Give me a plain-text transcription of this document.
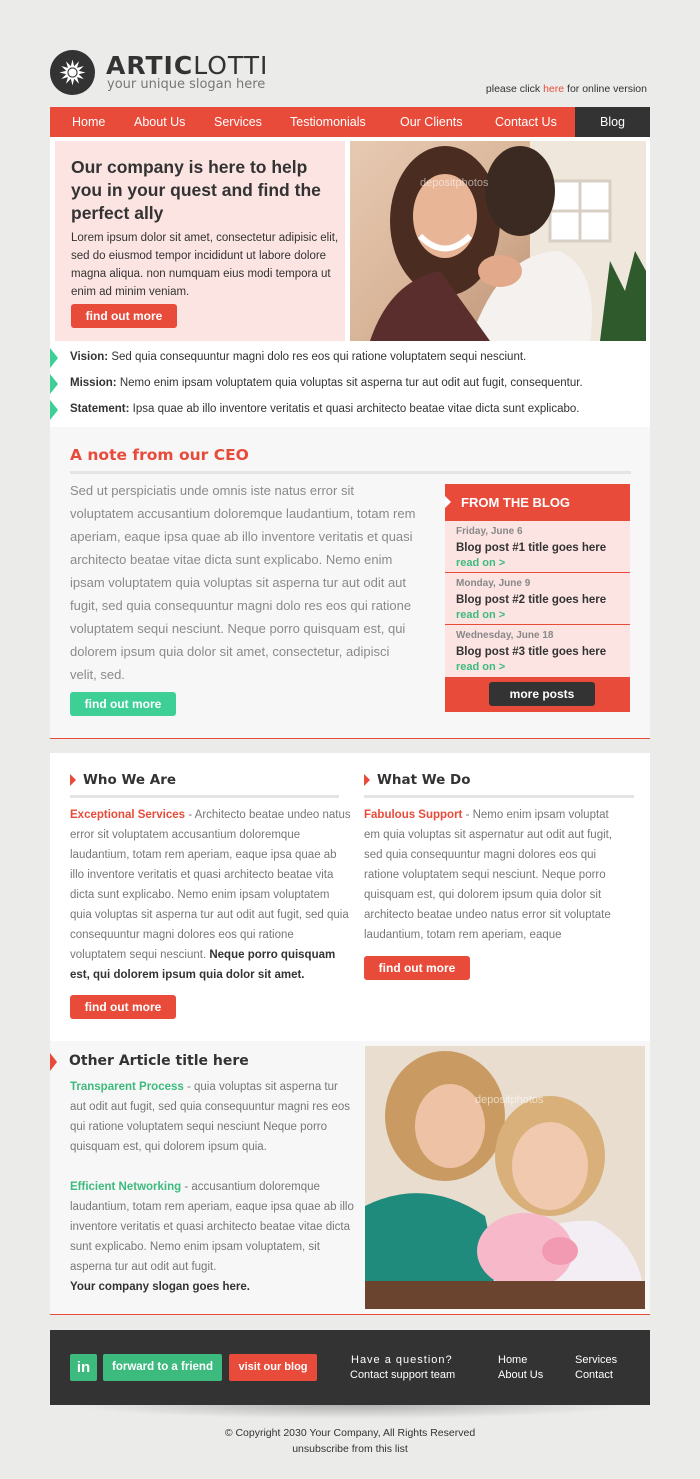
ARTICLOTTI
your unique slogan here	please click here for online version
Home About Us Services Testiomonials	Our Clients	Contact Us	Blog
Our company is here to help you in your quest and find the perfect ally
Lorem ipsum dolor sit amet, consectetur adipisic elit, sed do eiusmod tempor incididunt ut labore dolore magna aliqua. non numquam eius modi tempora ut enim ad minim veniam.
find out more
depositphotos
Vision: Sed quia consequuntur magni dolo res eos qui ratione voluptatem sequi nesciunt.
Mission: Nemo enim ipsam voluptatem quia voluptas sit asperna tur aut odit aut fugit, consequentur.
Statement: Ipsa quae ab illo inventore veritatis et quasi architecto beatae vitae dicta sunt explicabo.
A note from our CEO
Sed ut perspiciatis unde omnis iste natus error sit voluptatem accusantium doloremque laudantium, totam rem aperiam, eaque ipsa quae ab illo inventore veritatis et quasi architecto beatae vitae dicta sunt explicabo. Nemo enim ipsam voluptatem quia voluptas sit asperna tur aut odit aut fugit, sed quia consequuntur magni dolo res eos qui ratione voluptatem sequi nesciunt. Neque porro quisquam est, qui dolorem ipsum quia dolor sit amet, consectetur, adipisci velit, sed.
find out more
FROM THE BLOG
Friday, June 6
Blog post #1 title goes here
read on >
Monday, June 9
Blog post #2 title goes here
read on >
Wednesday, June 18
Blog post #3 title goes here
read on >
more posts
Who We Are
Exceptional Services - Architecto beatae undeo natus error sit voluptatem accusantium doloremque laudantium, totam rem aperiam, eaque ipsa quae ab illo inventore veritatis et quasi architecto beatae vita dicta sunt explicabo. Nemo enim ipsam voluptatem quia voluptas sit asperna tur aut odit aut fugit, sed quia consequuntur magni dolores eos qui ratione voluptatem sequi nesciunt. Neque porro quisquam est, qui dolorem ipsum quia dolor sit amet.
find out more
What We Do
Fabulous Support - Nemo enim ipsam voluptat em quia voluptas sit aspernatur aut odit aut fugit, sed quia consequuntur magni dolores eos qui ratione voluptatem sequi nesciunt. Neque porro quisquam est, qui dolorem ipsum quia dolor sit architecto beatae undeo natus error sit voluptate laudantium, totam rem aperiam, eaque
find out more
Other Article title here
Transparent Process - quia voluptas sit asperna tur aut odit aut fugit, sed quia consequuntur magni res eos qui ratione voluptatem sequi nesciunt Neque porro quisquam est, qui dolorem ipsum quia.

Efficient Networking - accusantium doloremque laudantium, totam rem aperiam, eaque ipsa quae ab illo inventore veritatis et quasi architecto beatae vitae dicta sunt explicabo. Nemo enim ipsam voluptatem, sit asperna tur aut odit aut fugit.
Your company slogan goes here.
depositphotos
in	forward to a friend	visit our blog
Have a question?
Contact support team
Home	Services
About Us	Contact
© Copyright 2030 Your Company, All Rights Reserved
unsubscribe from this list
